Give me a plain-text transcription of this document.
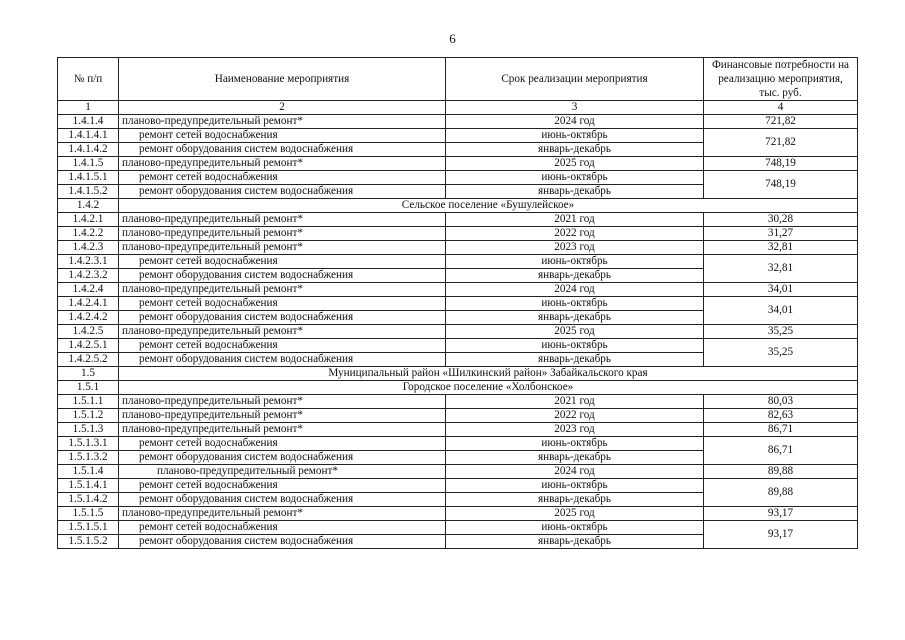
6
№ п/п	Наименование мероприятия	Срок реализации мероприятия	Финансовые потребности на реализацию мероприятия, тыс. руб.
1	2	3	4
1.4.1.4	планово-предупредительный ремонт*	2024 год	721,82
1.4.1.4.1	ремонт сетей водоснабжения	июнь-октябрь	721,82
1.4.1.4.2	ремонт оборудования систем водоснабжения	январь-декабрь	
1.4.1.5	планово-предупредительный ремонт*	2025 год	748,19
1.4.1.5.1	ремонт сетей водоснабжения	июнь-октябрь	748,19
1.4.1.5.2	ремонт оборудования систем водоснабжения	январь-декабрь	
1.4.2	Сельское поселение «Бушулейское»		
1.4.2.1	планово-предупредительный ремонт*	2021 год	30,28
1.4.2.2	планово-предупредительный ремонт*	2022 год	31,27
1.4.2.3	планово-предупредительный ремонт*	2023 год	32,81
1.4.2.3.1	ремонт сетей водоснабжения	июнь-октябрь	32,81
1.4.2.3.2	ремонт оборудования систем водоснабжения	январь-декабрь	
1.4.2.4	планово-предупредительный ремонт*	2024 год	34,01
1.4.2.4.1	ремонт сетей водоснабжения	июнь-октябрь	34,01
1.4.2.4.2	ремонт оборудования систем водоснабжения	январь-декабрь	
1.4.2.5	планово-предупредительный ремонт*	2025 год	35,25
1.4.2.5.1	ремонт сетей водоснабжения	июнь-октябрь	35,25
1.4.2.5.2	ремонт оборудования систем водоснабжения	январь-декабрь	
1.5	Муниципальный район «Шилкинский район» Забайкальского края		
1.5.1	Городское поселение «Холбонское»		
1.5.1.1	планово-предупредительный ремонт*	2021 год	80,03
1.5.1.2	планово-предупредительный ремонт*	2022 год	82,63
1.5.1.3	планово-предупредительный ремонт*	2023 год	86,71
1.5.1.3.1	ремонт сетей водоснабжения	июнь-октябрь	86,71
1.5.1.3.2	ремонт оборудования систем водоснабжения	январь-декабрь	
1.5.1.4	планово-предупредительный ремонт*	2024 год	89,88
1.5.1.4.1	ремонт сетей водоснабжения	июнь-октябрь	89,88
1.5.1.4.2	ремонт оборудования систем водоснабжения	январь-декабрь	
1.5.1.5	планово-предупредительный ремонт*	2025 год	93,17
1.5.1.5.1	ремонт сетей водоснабжения	июнь-октябрь	93,17
1.5.1.5.2	ремонт оборудования систем водоснабжения	январь-декабрь	
